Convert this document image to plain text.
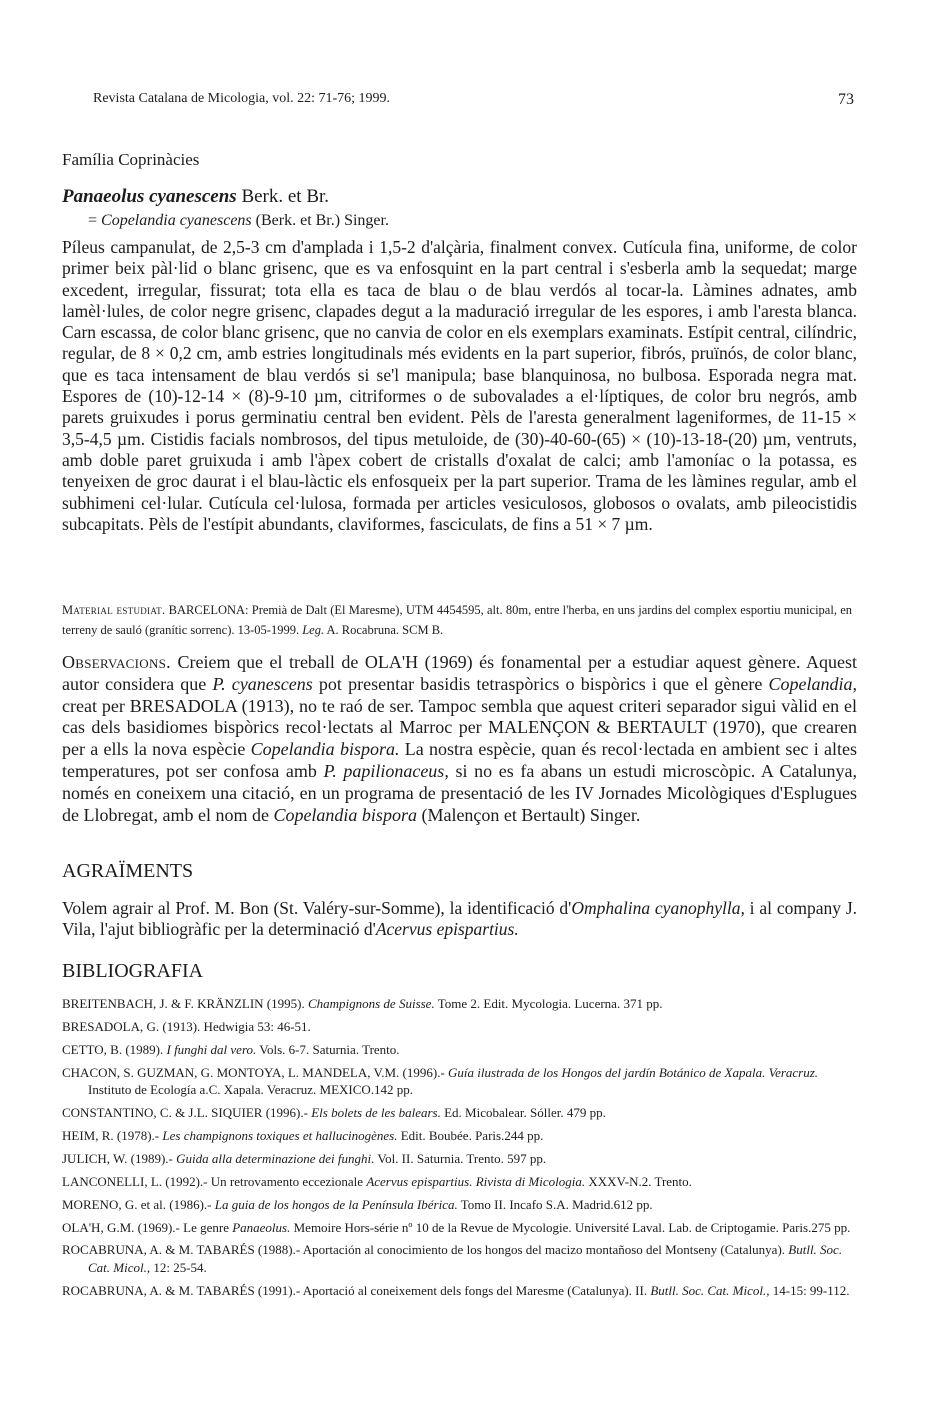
Revista Catalana de Micologia, vol. 22: 71-76; 1999.	73
Família Coprinàcies
Panaeolus cyanescens Berk. et Br.
= Copelandia cyanescens (Berk. et Br.) Singer.

Píleus campanulat, de 2,5-3 cm d'amplada i 1,5-2 d'alçària, finalment convex. Cutícula fina, uniforme, de color primer beix pàl·lid o blanc grisenc, que es va enfosquint en la part central i s'esberla amb la sequedat; marge excedent, irregular, fissurat; tota ella es taca de blau o de blau verdós al tocar-la. Làmines adnates, amb lamèl·lules, de color negre grisenc, clapades degut a la maduració irregular de les espores, i amb l'aresta blanca. Carn escassa, de color blanc grisenc, que no canvia de color en els exemplars examinats. Estípit central, cilíndric, regular, de 8 × 0,2 cm, amb estries longitudinals més evidents en la part superior, fibrós, pruïnós, de color blanc, que es taca intensament de blau verdós si se'l manipula; base blanquinosa, no bulbosa. Esporada negra mat. Espores de (10)-12-14 × (8)-9-10 µm, citriformes o de subovalades a el·líptiques, de color bru negrós, amb parets gruixudes i porus germinatiu central ben evident. Pèls de l'aresta generalment lageniformes, de 11-15 × 3,5-4,5 µm. Cistidis facials nombrosos, del tipus metuloide, de (30)-40-60-(65) × (10)-13-18-(20) µm, ventruts, amb doble paret gruixuda i amb l'àpex cobert de cristalls d'oxalat de calci; amb l'amoníac o la potassa, es tenyeixen de groc daurat i el blau-làctic els enfosqueix per la part superior. Trama de les làmines regular, amb el subhimeni cel·lular. Cutícula cel·lulosa, formada per articles vesiculosos, globosos o ovalats, amb pileocistidis subcapitats. Pèls de l'estípit abundants, claviformes, fasciculats, de fins a 51 × 7 µm.

Material estudiat. BARCELONA: Premià de Dalt (El Maresme), UTM 4454595, alt. 80m, entre l'herba, en uns jardins del complex esportiu municipal, en terreny de sauló (granític sorrenc). 13-05-1999. Leg. A. Rocabruna. SCM B.

Observacions. Creiem que el treball de OLA'H (1969) és fonamental per a estudiar aquest gènere. Aquest autor considera que P. cyanescens pot presentar basidis tetraspòrics o bispòrics i que el gènere Copelandia, creat per BRESADOLA (1913), no te raó de ser. Tampoc sembla que aquest criteri separador sigui vàlid en el cas dels basidiomes bispòrics recol·lectats al Marroc per MALENÇON & BERTAULT (1970), que crearen per a ells la nova espècie Copelandia bispora. La nostra espècie, quan és recol·lectada en ambient sec i altes temperatures, pot ser confosa amb P. papilionaceus, si no es fa abans un estudi microscòpic. A Catalunya, només en coneixem una citació, en un programa de presentació de les IV Jornades Micològiques d'Esplugues de Llobregat, amb el nom de Copelandia bispora (Malençon et Bertault) Singer.

AGRAÏMENTS

Volem agrair al Prof. M. Bon (St. Valéry-sur-Somme), la identificació d'Omphalina cyanophylla, i al company J. Vila, l'ajut bibliogràfic per la determinació d'Acervus epispartius.

BIBLIOGRAFIA
BREITENBACH, J. & F. KRÄNZLIN (1995). Champignons de Suisse. Tome 2. Edit. Mycologia. Lucerna. 371 pp.
BRESADOLA, G. (1913). Hedwigia 53: 46-51.
CETTO, B. (1989). I funghi dal vero. Vols. 6-7. Saturnia. Trento.
CHACON, S. GUZMAN, G. MONTOYA, L. MANDELA, V.M. (1996).- Guía ilustrada de los Hongos del jardín Botánico de Xapala. Veracruz. Instituto de Ecología a.C. Xapala. Veracruz. MEXICO.142 pp.
CONSTANTINO, C. & J.L. SIQUIER (1996).- Els bolets de les balears. Ed. Micobalear. Sóller. 479 pp.
HEIM, R. (1978).- Les champignons toxiques et hallucinogènes. Edit. Boubée. Paris.244 pp.
JULICH, W. (1989).- Guida alla determinazione dei funghi. Vol. II. Saturnia. Trento. 597 pp.
LANCONELLI, L. (1992).- Un retrovamento eccezionale Acervus epispartius. Rivista di Micologia. XXXV-N.2. Trento.
MORENO, G. et al. (1986).- La guia de los hongos de la Península Ibérica. Tomo II. Incafo S.A. Madrid.612 pp.
OLA'H, G.M. (1969).- Le genre Panaeolus. Memoire Hors-série nº 10 de la Revue de Mycologie. Université Laval. Lab. de Criptogamie. Paris.275 pp.
ROCABRUNA, A. & M. TABARÉS (1988).- Aportación al conocimiento de los hongos del macizo montañoso del Montseny (Catalunya). Butll. Soc. Cat. Micol., 12: 25-54.
ROCABRUNA, A. & M. TABARÉS (1991).- Aportació al coneixement dels fongs del Maresme (Catalunya). II. Butll. Soc. Cat. Micol., 14-15: 99-112.
